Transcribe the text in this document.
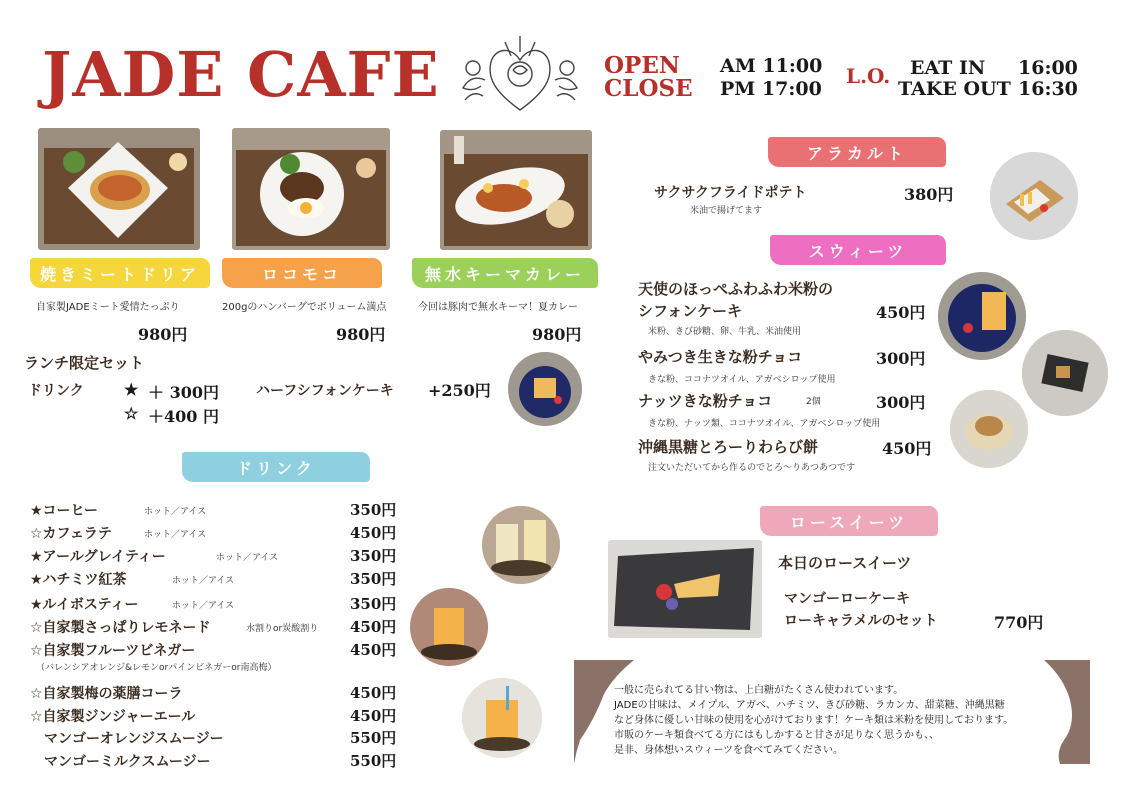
JADE CAFE	OPEN
CLOSE
AM 11:00
PM 17:00
L.O. EAT IN 16:00
TAKE OUT 16:30
焼きミートドリア	ロコモコ	無水キーマカレー
自家製JADEミート愛情たっぷり	200gのハンバーグでボリューム満点	今回は豚肉で無水キーマ！夏カレー
980円	980円	980円
ランチ限定セット
ドリンク	★ ＋ 300円
☆ ＋400 円
ハーフシフォンケーキ +250円
ドリンク
★コーヒー	ホット／アイス	350円
☆カフェラテ	ホット／アイス	450円
★アールグレイティー	ホット／アイス	350円
★ハチミツ紅茶	ホット／アイス	350円
★ルイボスティー	ホット／アイス	350円
☆自家製さっぱりレモネード	水割りor炭酸割り 450円
☆自家製フルーツビネガー	450円
（バレンシアオレンジ&レモンorパインビネガーor南高梅）
☆自家製梅の薬膳コーラ	450円
☆自家製ジンジャーエール	450円
マンゴーオレンジスムージー	550円
マンゴーミルクスムージー	550円
アラカルト
サクサクフライドポテト
米油で揚げてます
380円
スウィーツ
天使のほっぺふわふわ米粉の
シフォンケーキ	450円
米粉、きび砂糖、卵、牛乳、米油使用
やみつき生きな粉チョコ	300円
きな粉、ココナツオイル、アガベシロップ使用
ナッツきな粉チョコ	2個	300円
きな粉、ナッツ類、ココナツオイル、アガベシロップ使用
沖縄黒糖とろーりわらび餅	450円
注文いただいてから作るのでとろ～りあつあつです
ロースイーツ
本日のロースイーツ
マンゴーローケーキ
ローキャラメルのセット	770円

一般に売られてる甘い物は、上白糖がたくさん使われています。

JADEの甘味は、メイプル、アガベ、ハチミツ、きび砂糖、ラカンカ、甜菜糖、沖縄黒糖

など身体に優しい甘味の使用を心がけております！ケーキ類は米粉を使用しております。

市販のケーキ類食べてる方にはもしかすると甘さが足りなく思うかも、、

是非、身体想いスウィーツを食べてみてください。
